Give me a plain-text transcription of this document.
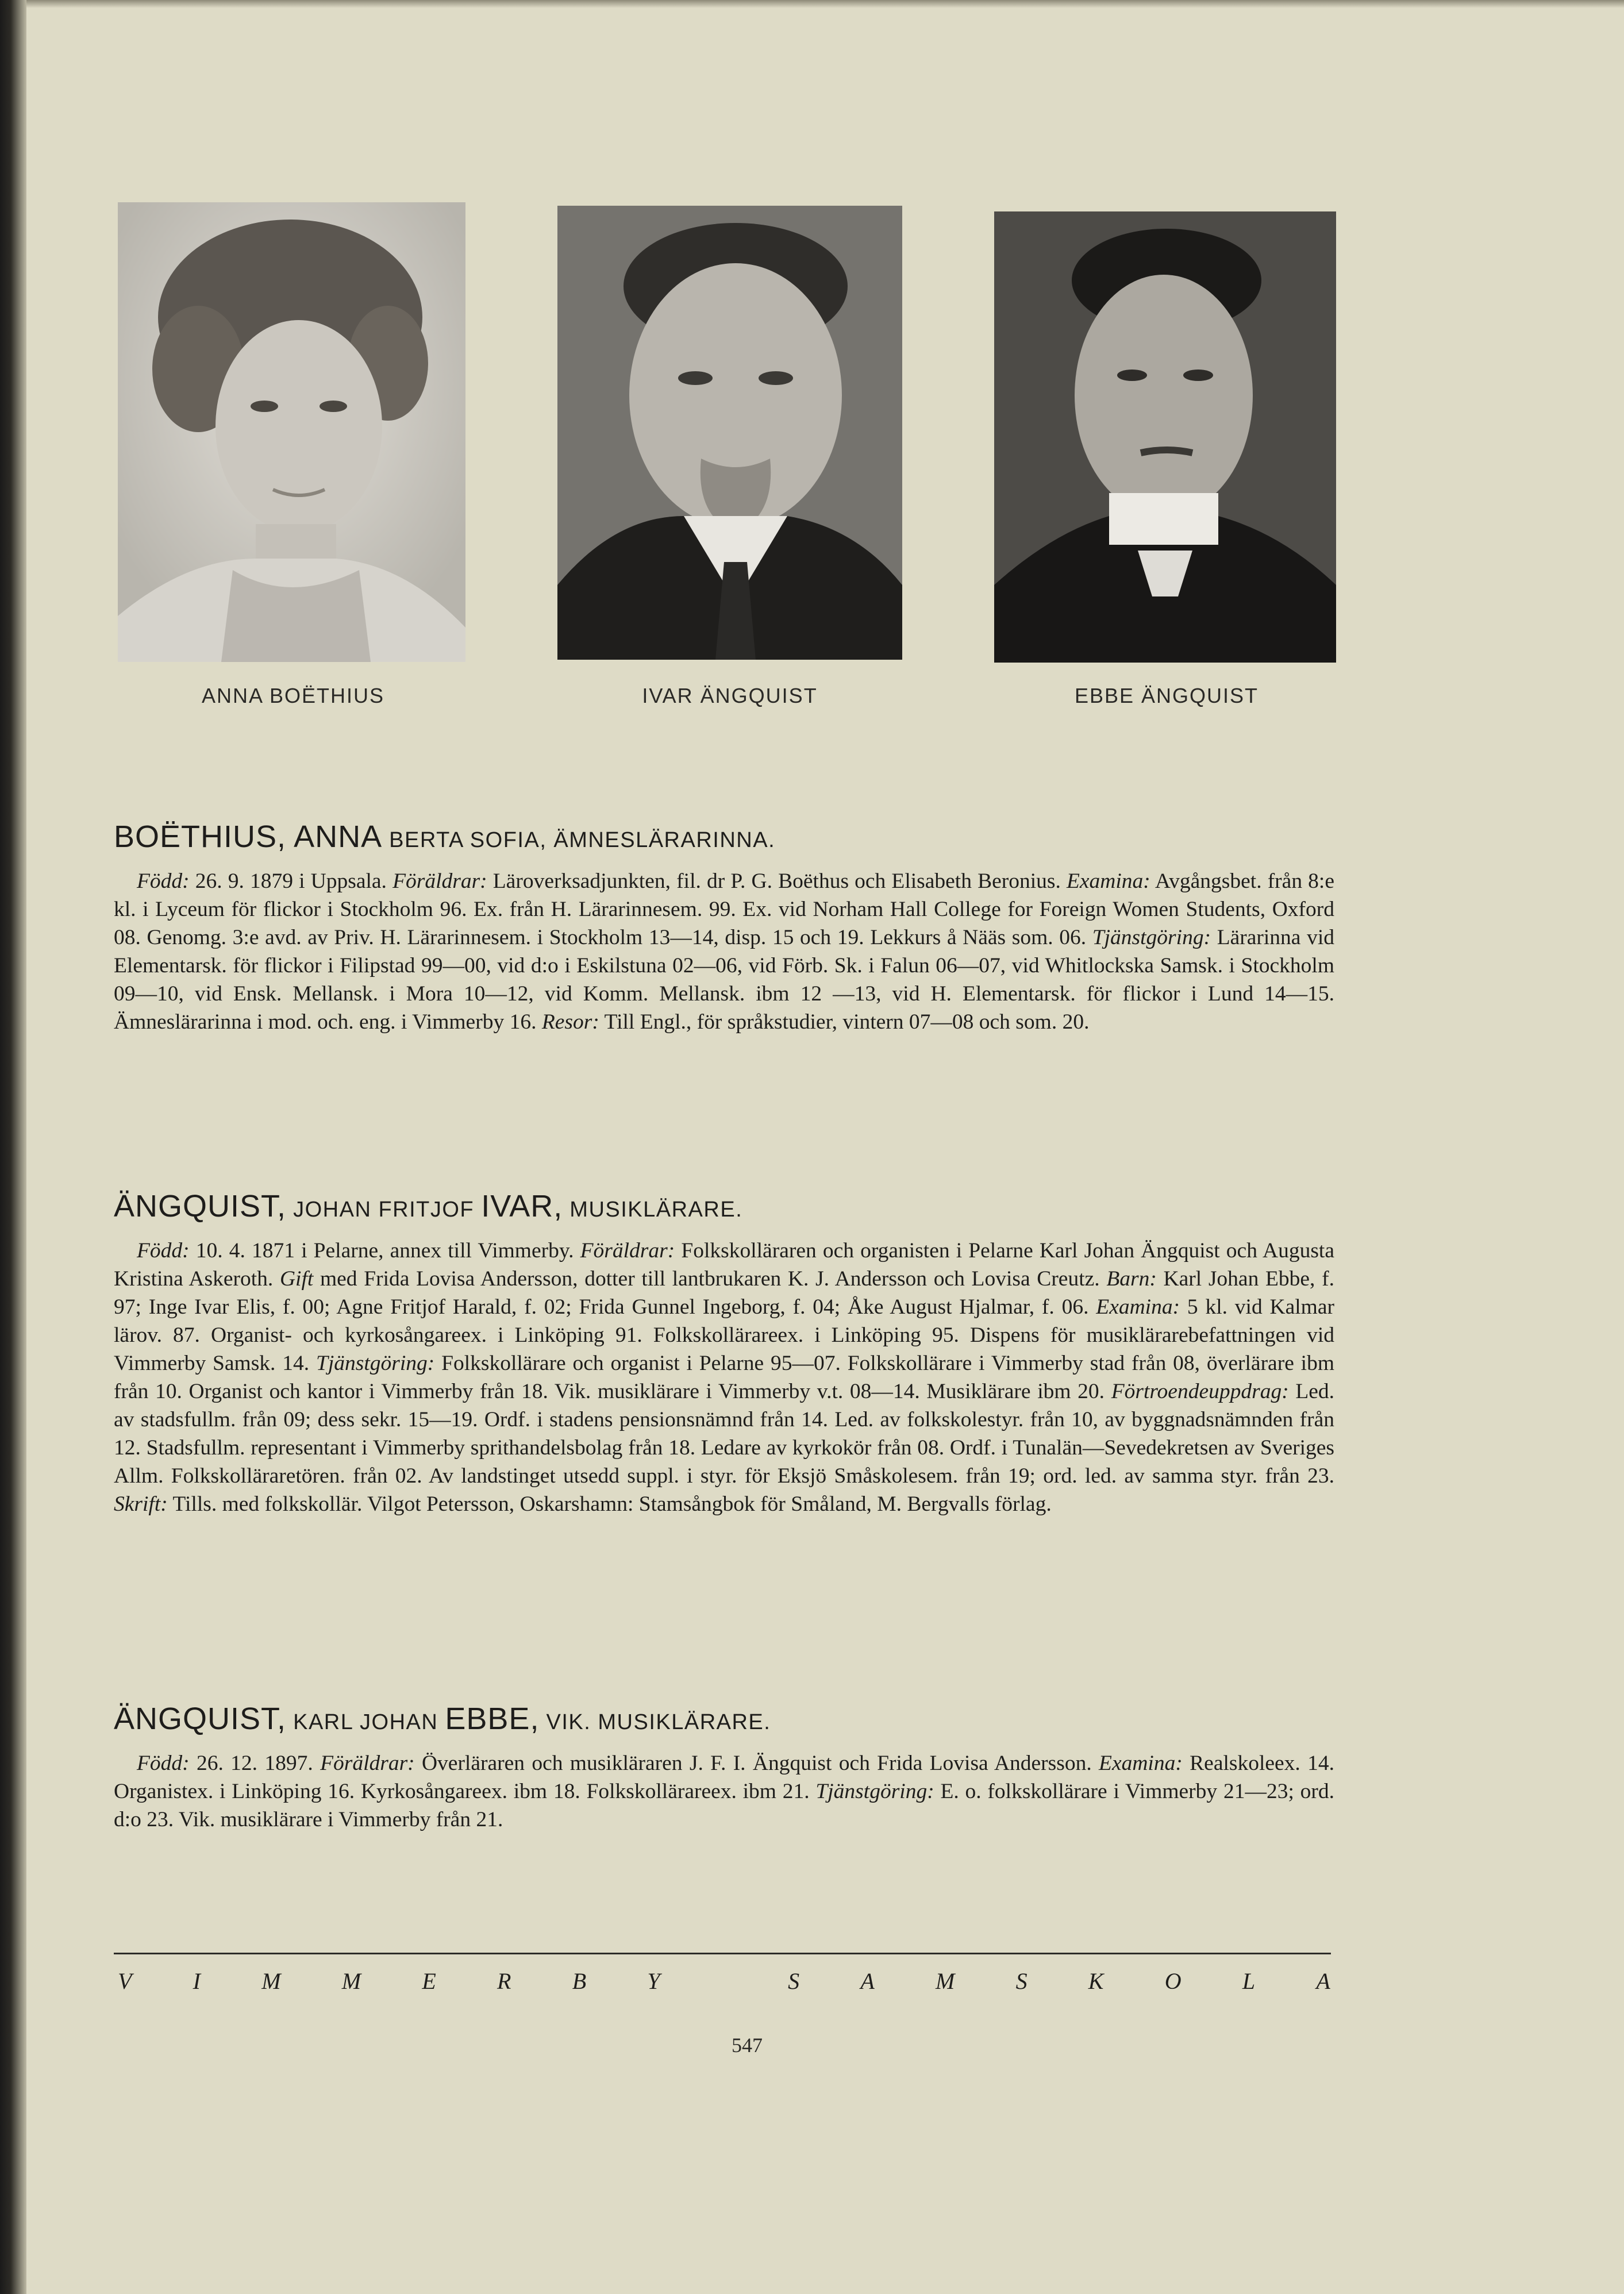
ANNA BOËTHIUS	IVAR ÄNGQUIST	EBBE ÄNGQUIST
BOËTHIUS, ANNA BERTA SOFIA, ÄMNESLÄRARINNA.
Född: 26. 9. 1879 i Uppsala. Föräldrar: Läroverksadjunkten, fil. dr P. G. Boëthus och Elisabeth Beronius. Examina: Avgångsbet. från 8:e kl. i Lyceum för flickor i Stockholm 96. Ex. från H. Lärarinnesem. 99. Ex. vid Norham Hall College for Foreign Women Students, Oxford 08. Genomg. 3:e avd. av Priv. H. Lärarinnesem. i Stockholm 13—14, disp. 15 och 19. Lekkurs å Nääs som. 06. Tjänstgöring: Lärarinna vid Elementarsk. för flickor i Filipstad 99—00, vid d:o i Eskilstuna 02—06, vid Förb. Sk. i Falun 06—07, vid Whitlockska Samsk. i Stockholm 09—10, vid Ensk. Mellansk. i Mora 10—12, vid Komm. Mellansk. ibm 12 —13, vid H. Elementarsk. för flickor i Lund 14—15. Ämneslärarinna i mod. och. eng. i Vimmerby 16. Resor: Till Engl., för språkstudier, vintern 07—08 och som. 20.
ÄNGQUIST, JOHAN FRITJOF IVAR, MUSIKLÄRARE.
Född: 10. 4. 1871 i Pelarne, annex till Vimmerby. Föräldrar: Folkskolläraren och organisten i Pelarne Karl Johan Ängquist och Augusta Kristina Askeroth. Gift med Frida Lovisa Andersson, dotter till lantbrukaren K. J. Andersson och Lovisa Creutz. Barn: Karl Johan Ebbe, f. 97; Inge Ivar Elis, f. 00; Agne Fritjof Harald, f. 02; Frida Gunnel Ingeborg, f. 04; Åke August Hjalmar, f. 06. Examina: 5 kl. vid Kalmar lärov. 87. Organist- och kyrkosångareex. i Linköping 91. Folkskollärareex. i Linköping 95. Dispens för musiklärarebefattningen vid Vimmerby Samsk. 14. Tjänstgöring: Folkskollärare och organist i Pelarne 95—07. Folkskollärare i Vimmerby stad från 08, överlärare ibm från 10. Organist och kantor i Vimmerby från 18. Vik. musiklärare i Vimmerby v.t. 08—14. Musiklärare ibm 20. Förtroendeuppdrag: Led. av stadsfullm. från 09; dess sekr. 15—19. Ordf. i stadens pensionsnämnd från 14. Led. av folkskolestyr. från 10, av byggnadsnämnden från 12. Stadsfullm. representant i Vimmerby sprithandelsbolag från 18. Ledare av kyrkokör från 08. Ordf. i Tunalän—Sevedekretsen av Sveriges Allm. Folkskolläraretören. från 02. Av landstinget utsedd suppl. i styr. för Eksjö Småskolesem. från 19; ord. led. av samma styr. från 23. Skrift: Tills. med folkskollär. Vilgot Petersson, Oskarshamn: Stamsångbok för Småland, M. Bergvalls förlag.
ÄNGQUIST, KARL JOHAN EBBE, VIK. MUSIKLÄRARE.
Född: 26. 12. 1897. Föräldrar: Överläraren och musikläraren J. F. I. Ängquist och Frida Lovisa Andersson. Examina: Realskoleex. 14. Organistex. i Linköping 16. Kyrkosångareex. ibm 18. Folkskollärareex. ibm 21. Tjänstgöring: E. o. folkskollärare i Vimmerby 21—23; ord. d:o 23. Vik. musiklärare i Vimmerby från 21.
V	I	M	M	E	R	B	Y
	S	A	M	S	K	O	L	A
547
